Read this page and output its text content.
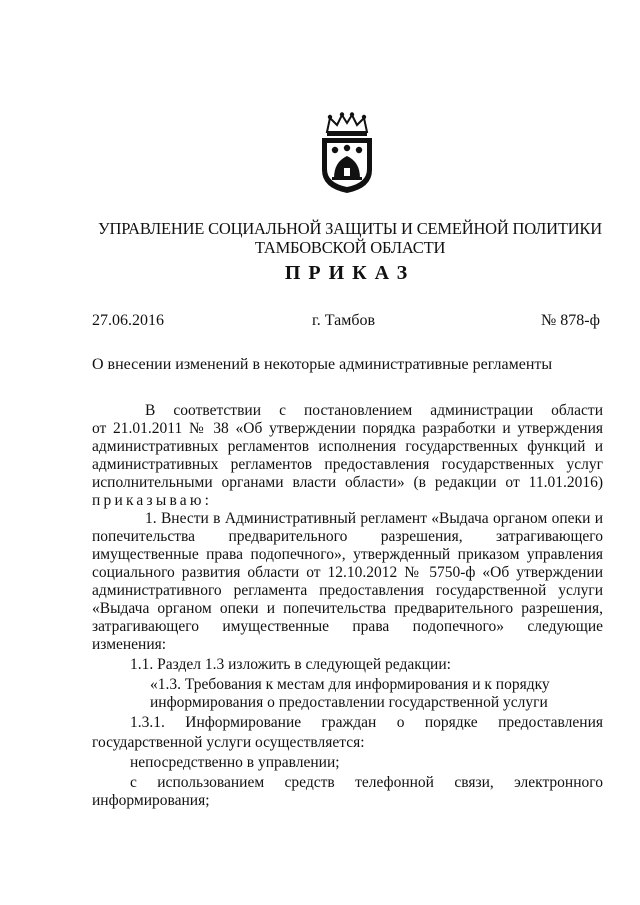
УПРАВЛЕНИЕ СОЦИАЛЬНОЙ ЗАЩИТЫ И СЕМЕЙНОЙ ПОЛИТИКИ
ТАМБОВСКОЙ ОБЛАСТИ
ПРИКАЗ
27.06.2016	г. Тамбов	№ 878-ф
О внесении изменений в некоторые административные регламенты
В соответствии с постановлением администрации области
от 21.01.2011 № 38 «Об утверждении порядка разработки и утверждения
административных регламентов исполнения государственных функций и
административных регламентов предоставления государственных услуг
исполнительными органами власти области» (в редакции от 11.01.2016)
приказываю:
1. Внести в Административный регламент «Выдача органом опеки и
попечительства предварительного разрешения, затрагивающего
имущественные права подопечного», утвержденный приказом управления
социального развития области от 12.10.2012 № 5750-ф «Об утверждении
административного регламента предоставления государственной услуги
«Выдача органом опеки и попечительства предварительного разрешения,
затрагивающего имущественные права подопечного» следующие
изменения:
1.1. Раздел 1.3 изложить в следующей редакции:
«1.3. Требования к местам для информирования и к порядку
информирования о предоставлении государственной услуги
1.3.1. Информирование граждан о порядке предоставления
государственной услуги осуществляется:
непосредственно в управлении;
с использованием средств телефонной связи, электронного
информирования;
